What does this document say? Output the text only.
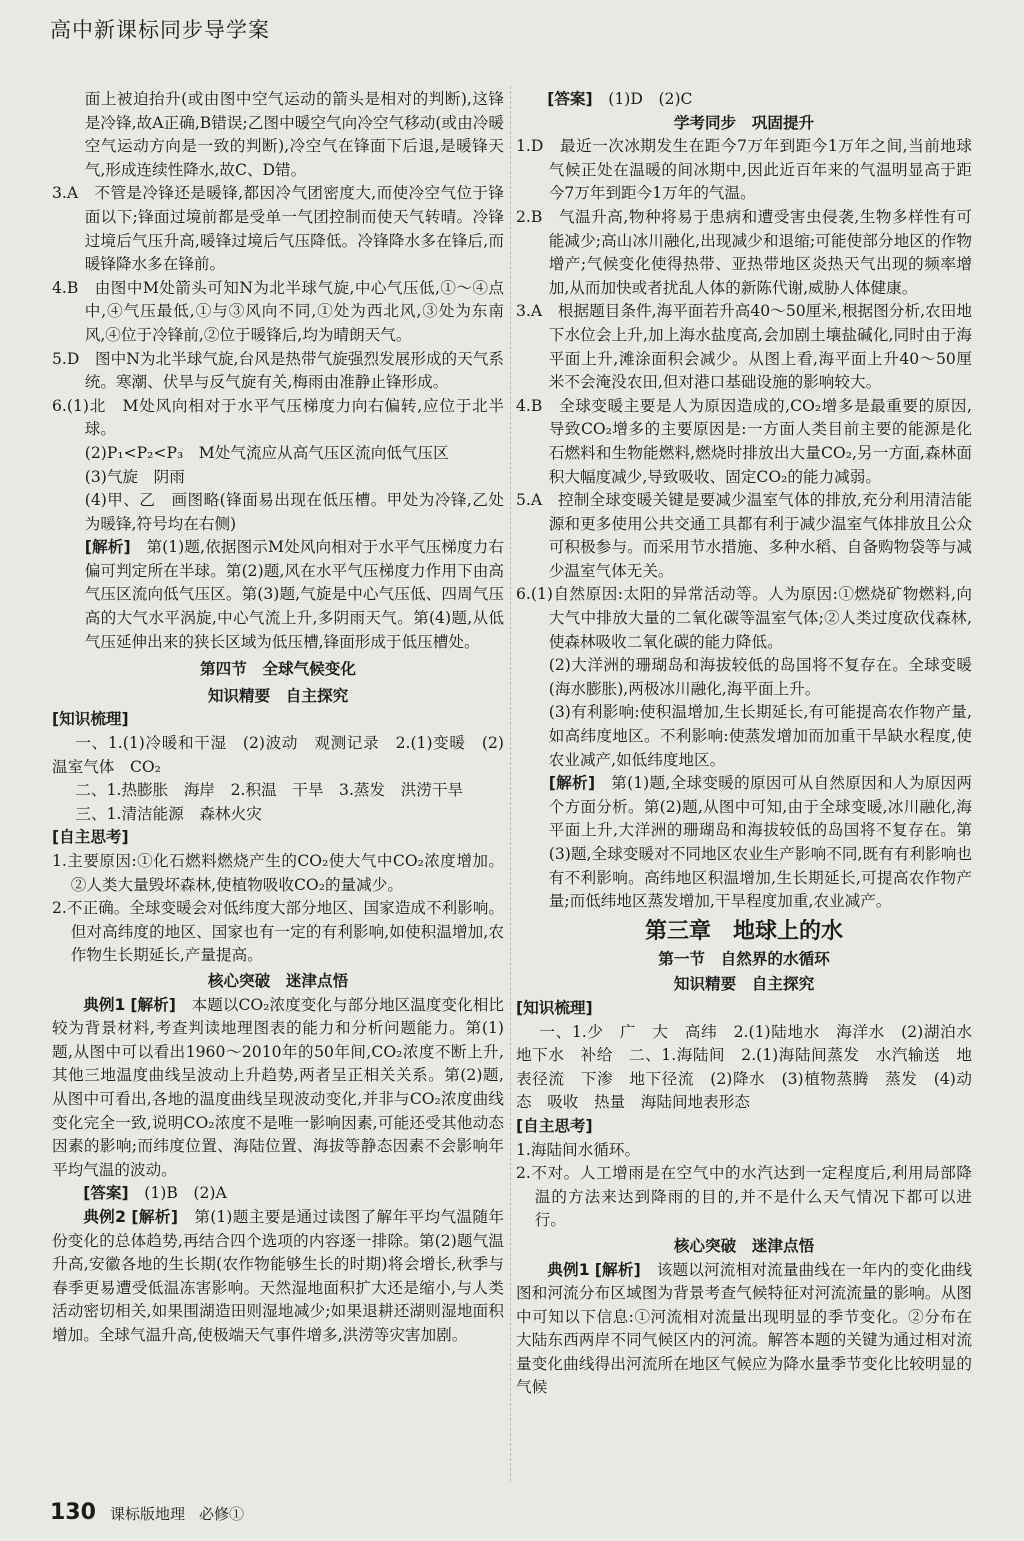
高中新课标同步导学案

面上被迫抬升(或由图中空气运动的箭头是相对的判断),这锋是冷锋,故A正确,B错误;乙图中暖空气向冷空气移动(或由冷暖空气运动方向是一致的判断),冷空气在锋面下后退,是暖锋天气,形成连续性降水,故C、D错。

3.A　不管是冷锋还是暖锋,都因冷气团密度大,而使冷空气位于锋面以下;锋面过境前都是受单一气团控制而使天气转晴。冷锋过境后气压升高,暖锋过境后气压降低。冷锋降水多在锋后,而暖锋降水多在锋前。

4.B　由图中M处箭头可知N为北半球气旋,中心气压低,①～④点中,④气压最低,①与③风向不同,①处为西北风,③处为东南风,④位于冷锋前,②位于暖锋后,均为晴朗天气。

5.D　图中N为北半球气旋,台风是热带气旋强烈发展形成的天气系统。寒潮、伏旱与反气旋有关,梅雨由准静止锋形成。

6.(1)北　M处风向相对于水平气压梯度力向右偏转,应位于北半球。

(2)P₁<P₂<P₃　M处气流应从高气压区流向低气压区

(3)气旋　阴雨

(4)甲、乙　画图略(锋面易出现在低压槽。甲处为冷锋,乙处为暖锋,符号均在右侧)

[解析]　 第(1)题,依据图示M处风向相对于水平气压梯度力右偏可判定所在半球。第(2)题,风在水平气压梯度力作用下由高气压区流向低气压区。第(3)题,气旋是中心气压低、四周气压高的大气水平涡旋,中心气流上升,多阴雨天气。第(4)题,从低气压延伸出来的狭长区域为低压槽,锋面形成于低压槽处。

第四节　全球气候变化

知识精要　自主探究

[ 知识梳理 ]

一、1.(1)冷暖和干湿　(2)波动　观测记录　2.(1)变暖　(2)温室气体　CO₂

二、1.热膨胀　海岸　2.积温　干旱　3.蒸发　洪涝干旱

三、1.清洁能源　森林火灾

[ 自主思考 ]

1.主要原因:①化石燃料燃烧产生的CO₂使大气中CO₂浓度增加。②人类大量毁坏森林,使植物吸收CO₂的量减少。

2.不正确。全球变暖会对低纬度大部分地区、国家造成不利影响。但对高纬度的地区、国家也有一定的有利影响,如使积温增加,农作物生长期延长,产量提高。

核心突破　迷津点悟

典例1 [解析]　 本题以CO₂浓度变化与部分地区温度变化相比较为背景材料,考查判读地理图表的能力和分析问题能力。第(1)题,从图中可以看出1960～2010年的50年间,CO₂浓度不断上升,其他三地温度曲线呈波动上升趋势,两者呈正相关关系。第(2)题,从图中可看出,各地的温度曲线呈现波动变化,并非与CO₂浓度曲线变化完全一致,说明CO₂浓度不是唯一影响因素,可能还受其他动态因素的影响;而纬度位置、海陆位置、海拔等静态因素不会影响年平均气温的波动。

[答案]　 (1)B　(2)A

典例2 [解析]　 第(1)题主要是通过读图了解年平均气温随年份变化的总体趋势,再结合四个选项的内容逐一排除。第(2)题气温升高,安徽各地的生长期(农作物能够生长的时期)将会增长,秋季与春季更易遭受低温冻害影响。天然湿地面积扩大还是缩小,与人类活动密切相关,如果围湖造田则湿地减少;如果退耕还湖则湿地面积增加。全球气温升高,使极端天气事件增多,洪涝等灾害加剧。

[答案]　 (1)D　(2)C

学考同步　巩固提升

1.D　最近一次冰期发生在距今7万年到距今1万年之间,当前地球气候正处在温暖的间冰期中,因此近百年来的气温明显高于距今7万年到距今1万年的气温。

2.B　气温升高,物种将易于患病和遭受害虫侵袭,生物多样性有可能减少;高山冰川融化,出现减少和退缩;可能使部分地区的作物增产;气候变化使得热带、亚热带地区炎热天气出现的频率增加,从而加快或者扰乱人体的新陈代谢,威胁人体健康。

3.A　根据题目条件,海平面若升高40～50厘米,根据图分析,农田地下水位会上升,加上海水盐度高,会加剧土壤盐碱化,同时由于海平面上升,滩涂面积会减少。从图上看,海平面上升40～50厘米不会淹没农田,但对港口基础设施的影响较大。

4.B　全球变暖主要是人为原因造成的,CO₂增多是最重要的原因,导致CO₂增多的主要原因是:一方面人类目前主要的能源是化石燃料和生物能燃料,燃烧时排放出大量CO₂,另一方面,森林面积大幅度减少,导致吸收、固定CO₂的能力减弱。

5.A　控制全球变暖关键是要减少温室气体的排放,充分利用清洁能源和更多使用公共交通工具都有利于减少温室气体排放且公众可积极参与。而采用节水措施、多种水稻、自备购物袋等与减少温室气体无关。

6.(1)自然原因:太阳的异常活动等。人为原因:①燃烧矿物燃料,向大气中排放大量的二氧化碳等温室气体;②人类过度砍伐森林,使森林吸收二氧化碳的能力降低。

(2)大洋洲的珊瑚岛和海拔较低的岛国将不复存在。全球变暖(海水膨胀),两极冰川融化,海平面上升。

(3)有利影响:使积温增加,生长期延长,有可能提高农作物产量,如高纬度地区。不利影响:使蒸发增加而加重干旱缺水程度,使农业减产,如低纬度地区。

[解析]　 第(1)题,全球变暖的原因可从自然原因和人为原因两个方面分析。第(2)题,从图中可知,由于全球变暖,冰川融化,海平面上升,大洋洲的珊瑚岛和海拔较低的岛国将不复存在。第(3)题,全球变暖对不同地区农业生产影响不同,既有有利影响也有不利影响。高纬地区积温增加,生长期延长,可提高农作物产量;而低纬地区蒸发增加,干旱程度加重,农业减产。

第三章　地球上的水

第一节　自然界的水循环

知识精要　自主探究

[ 知识梳理 ]

一、1.少　广　大　高纬　2.(1)陆地水　海洋水　(2)湖泊水　地下水　补给　二、1.海陆间　2.(1)海陆间蒸发　水汽输送　地表径流　下渗　地下径流　(2)降水　(3)植物蒸腾　蒸发　(4)动态　吸收　热量　海陆间地表形态

[ 自主思考 ]

1.海陆间水循环。

2.不对。人工增雨是在空气中的水汽达到一定程度后,利用局部降温的方法来达到降雨的目的,并不是什么天气情况下都可以进行。

核心突破　迷津点悟

典例1 [解析]　 该题以河流相对流量曲线在一年内的变化曲线图和河流分布区域图为背景考查气候特征对河流流量的影响。从图中可知以下信息:①河流相对流量出现明显的季节变化。②分布在大陆东西两岸不同气候区内的河流。解答本题的关键为通过相对流量变化曲线得出河流所在地区气候应为降水量季节变化比较明显的气候

130 课标版地理 必修①
